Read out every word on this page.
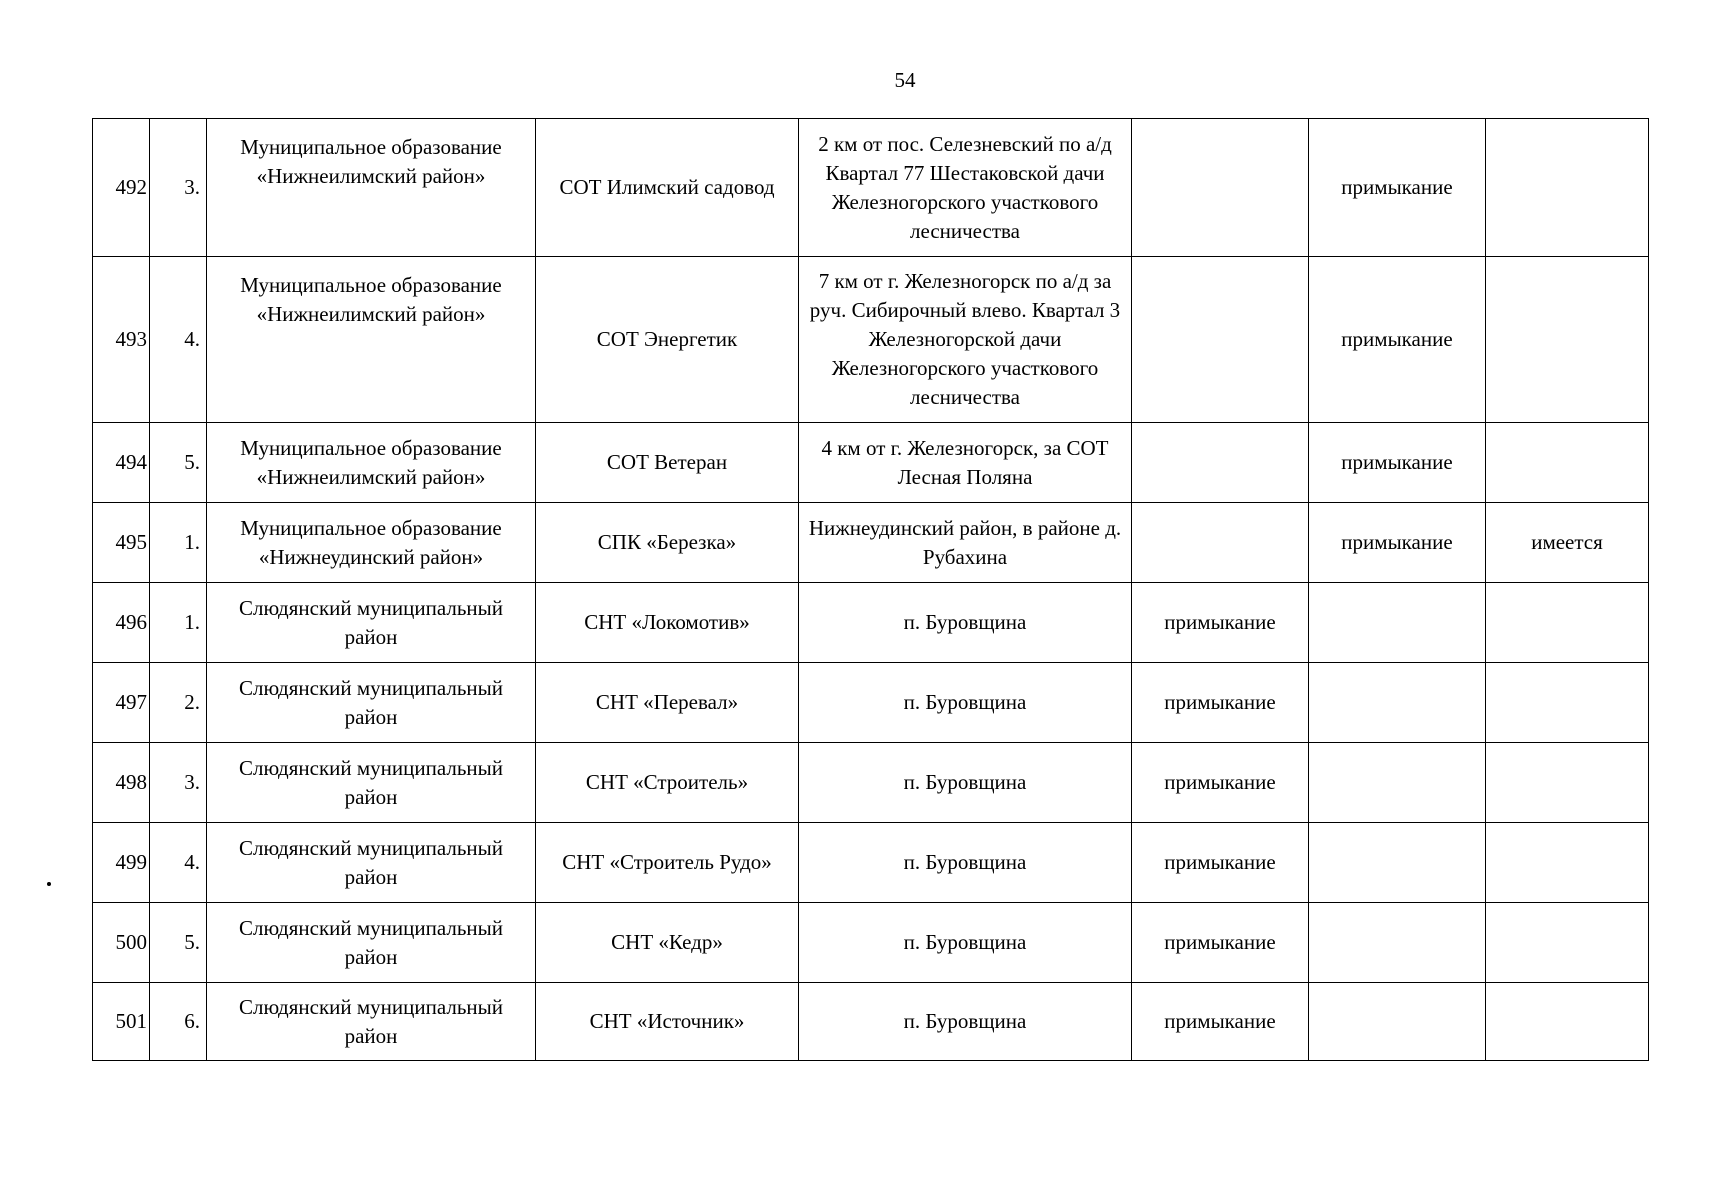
54
492	3.	Муниципальное образование «Нижнеилимский район»	СОТ Илимский садовод	2 км от пос. Селезневский по а/д Квартал 77 Шестаковской дачи Железногорского участкового лесничества		примыкание	
493	4.	Муниципальное образование «Нижнеилимский район»	СОТ Энергетик	7 км от г. Железногорск по а/д за руч. Сибирочный влево. Квартал 3 Железногорской дачи Железногорского участкового лесничества		примыкание	
494	5.	Муниципальное образование «Нижнеилимский район»	СОТ Ветеран	4 км от г. Железногорск, за СОТ Лесная Поляна		примыкание	
495	1.	Муниципальное образование «Нижнеудинский район»	СПК «Березка»	Нижнеудинский район, в районе д. Рубахина		примыкание	имеется
496	1.	Слюдянский муниципальный район	СНТ «Локомотив»	п. Буровщина	примыкание		
497	2.	Слюдянский муниципальный район	СНТ «Перевал»	п. Буровщина	примыкание		
498	3.	Слюдянский муниципальный район	СНТ «Строитель»	п. Буровщина	примыкание		
499	4.	Слюдянский муниципальный район	СНТ «Строитель Рудо»	п. Буровщина	примыкание		
500	5.	Слюдянский муниципальный район	СНТ «Кедр»	п. Буровщина	примыкание		
501	6.	Слюдянский муниципальный район	СНТ «Источник»	п. Буровщина	примыкание		
